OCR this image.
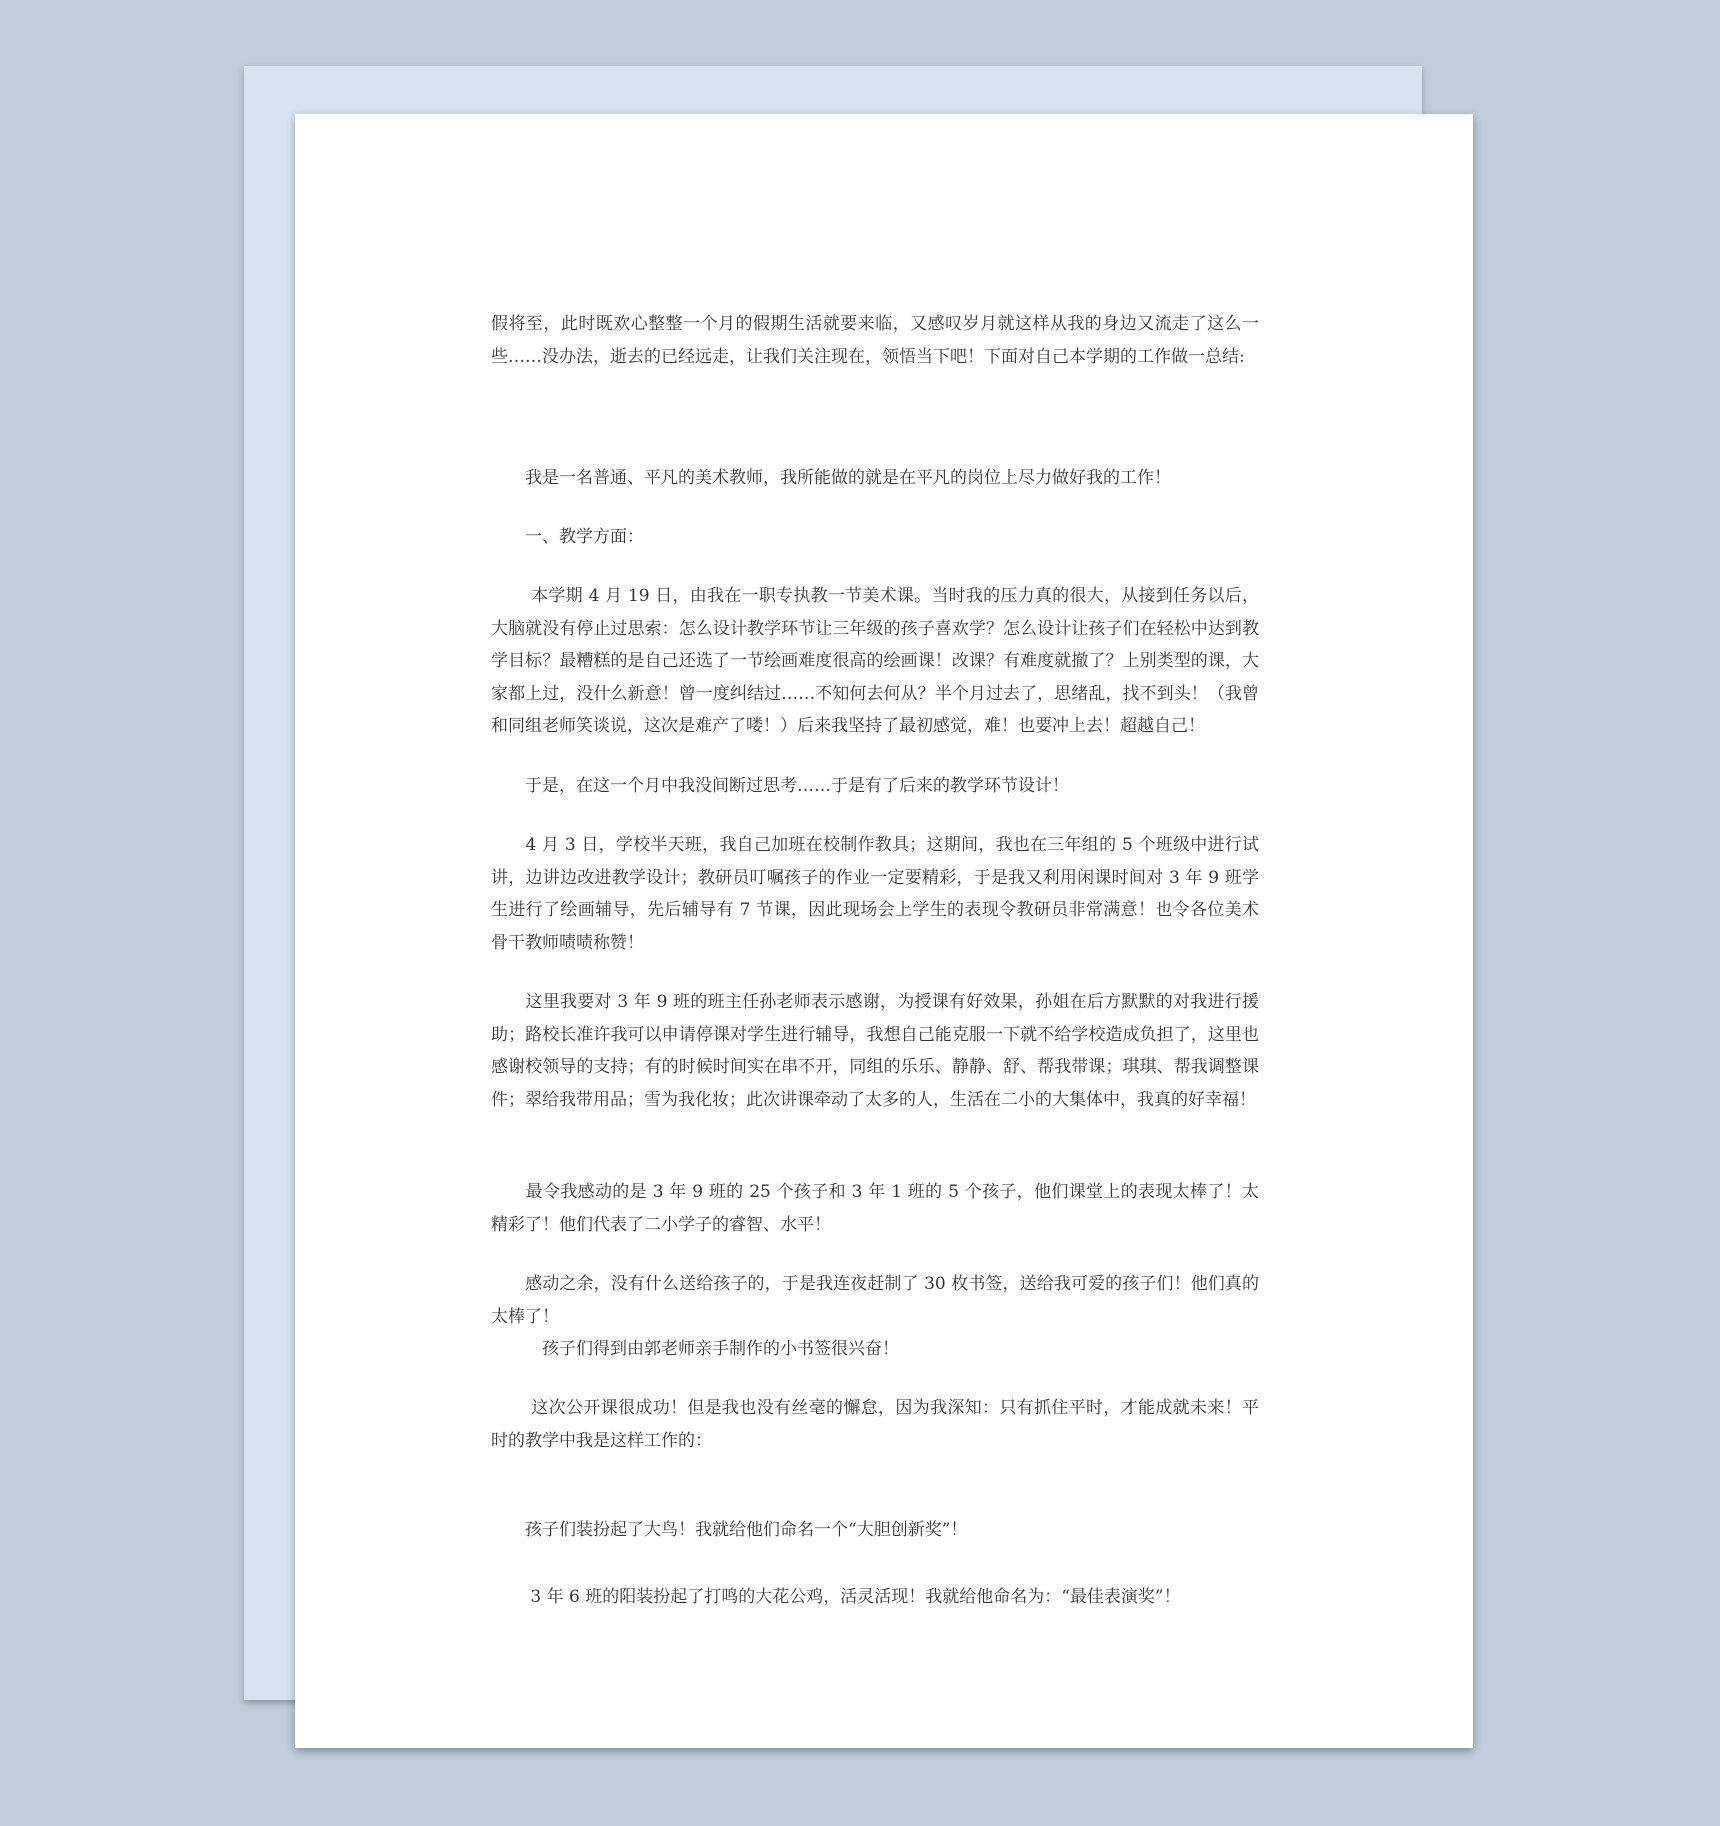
假将至，此时既欢心整整一个月的假期生活就要来临，又感叹岁月就这样从我的身边又流走了这么一些……没办法，逝去的已经远走，让我们关注现在，领悟当下吧！下面对自己本学期的工作做一总结:

　　我是一名普通、平凡的美术教师，我所能做的就是在平凡的岗位上尽力做好我的工作！

　　一、教学方面：

　　 本学期 4 月 19 日，由我在一职专执教一节美术课。当时我的压力真的很大，从接到任务以后，大脑就没有停止过思索：怎么设计教学环节让三年级的孩子喜欢学？怎么设计让孩子们在轻松中达到教学目标？最糟糕的是自己还选了一节绘画难度很高的绘画课！改课？有难度就撤了？上别类型的课，大家都上过，没什么新意！曾一度纠结过……不知何去何从？半个月过去了，思绪乱，找不到头！（我曾和同组老师笑谈说，这次是难产了喽！）后来我坚持了最初感觉，难！也要冲上去！超越自己！

　　于是，在这一个月中我没间断过思考……于是有了后来的教学环节设计！

　　4 月 3 日，学校半天班，我自己加班在校制作教具；这期间，我也在三年组的 5 个班级中进行试讲，边讲边改进教学设计；教研员叮嘱孩子的作业一定要精彩，于是我又利用闲课时间对 3 年 9 班学生进行了绘画辅导，先后辅导有 7 节课，因此现场会上学生的表现令教研员非常满意！也令各位美术骨干教师啧啧称赞！

　　这里我要对 3 年 9 班的班主任孙老师表示感谢，为授课有好效果，孙姐在后方默默的对我进行援助；路校长准许我可以申请停课对学生进行辅导，我想自己能克服一下就不给学校造成负担了，这里也感谢校领导的支持；有的时候时间实在串不开，同组的乐乐、静静、舒、帮我带课；琪琪、帮我调整课件；翠给我带用品；雪为我化妆；此次讲课牵动了太多的人，生活在二小的大集体中，我真的好幸福！

　　最令我感动的是 3 年 9 班的 25 个孩子和 3 年 1 班的 5 个孩子，他们课堂上的表现太棒了！太精彩了！他们代表了二小学子的睿智、水平！

　　感动之余，没有什么送给孩子的，于是我连夜赶制了 30 枚书签，送给我可爱的孩子们！他们真的太棒了！

　　　孩子们得到由郭老师亲手制作的小书签很兴奋！

　　 这次公开课很成功！但是我也没有丝毫的懈怠，因为我深知：只有抓住平时，才能成就未来！平时的教学中我是这样工作的：

　　孩子们装扮起了大鸟！我就给他们命名一个“大胆创新奖”！

　　 3 年 6 班的阳装扮起了打鸣的大花公鸡，活灵活现！我就给他命名为：“最佳表演奖”！
